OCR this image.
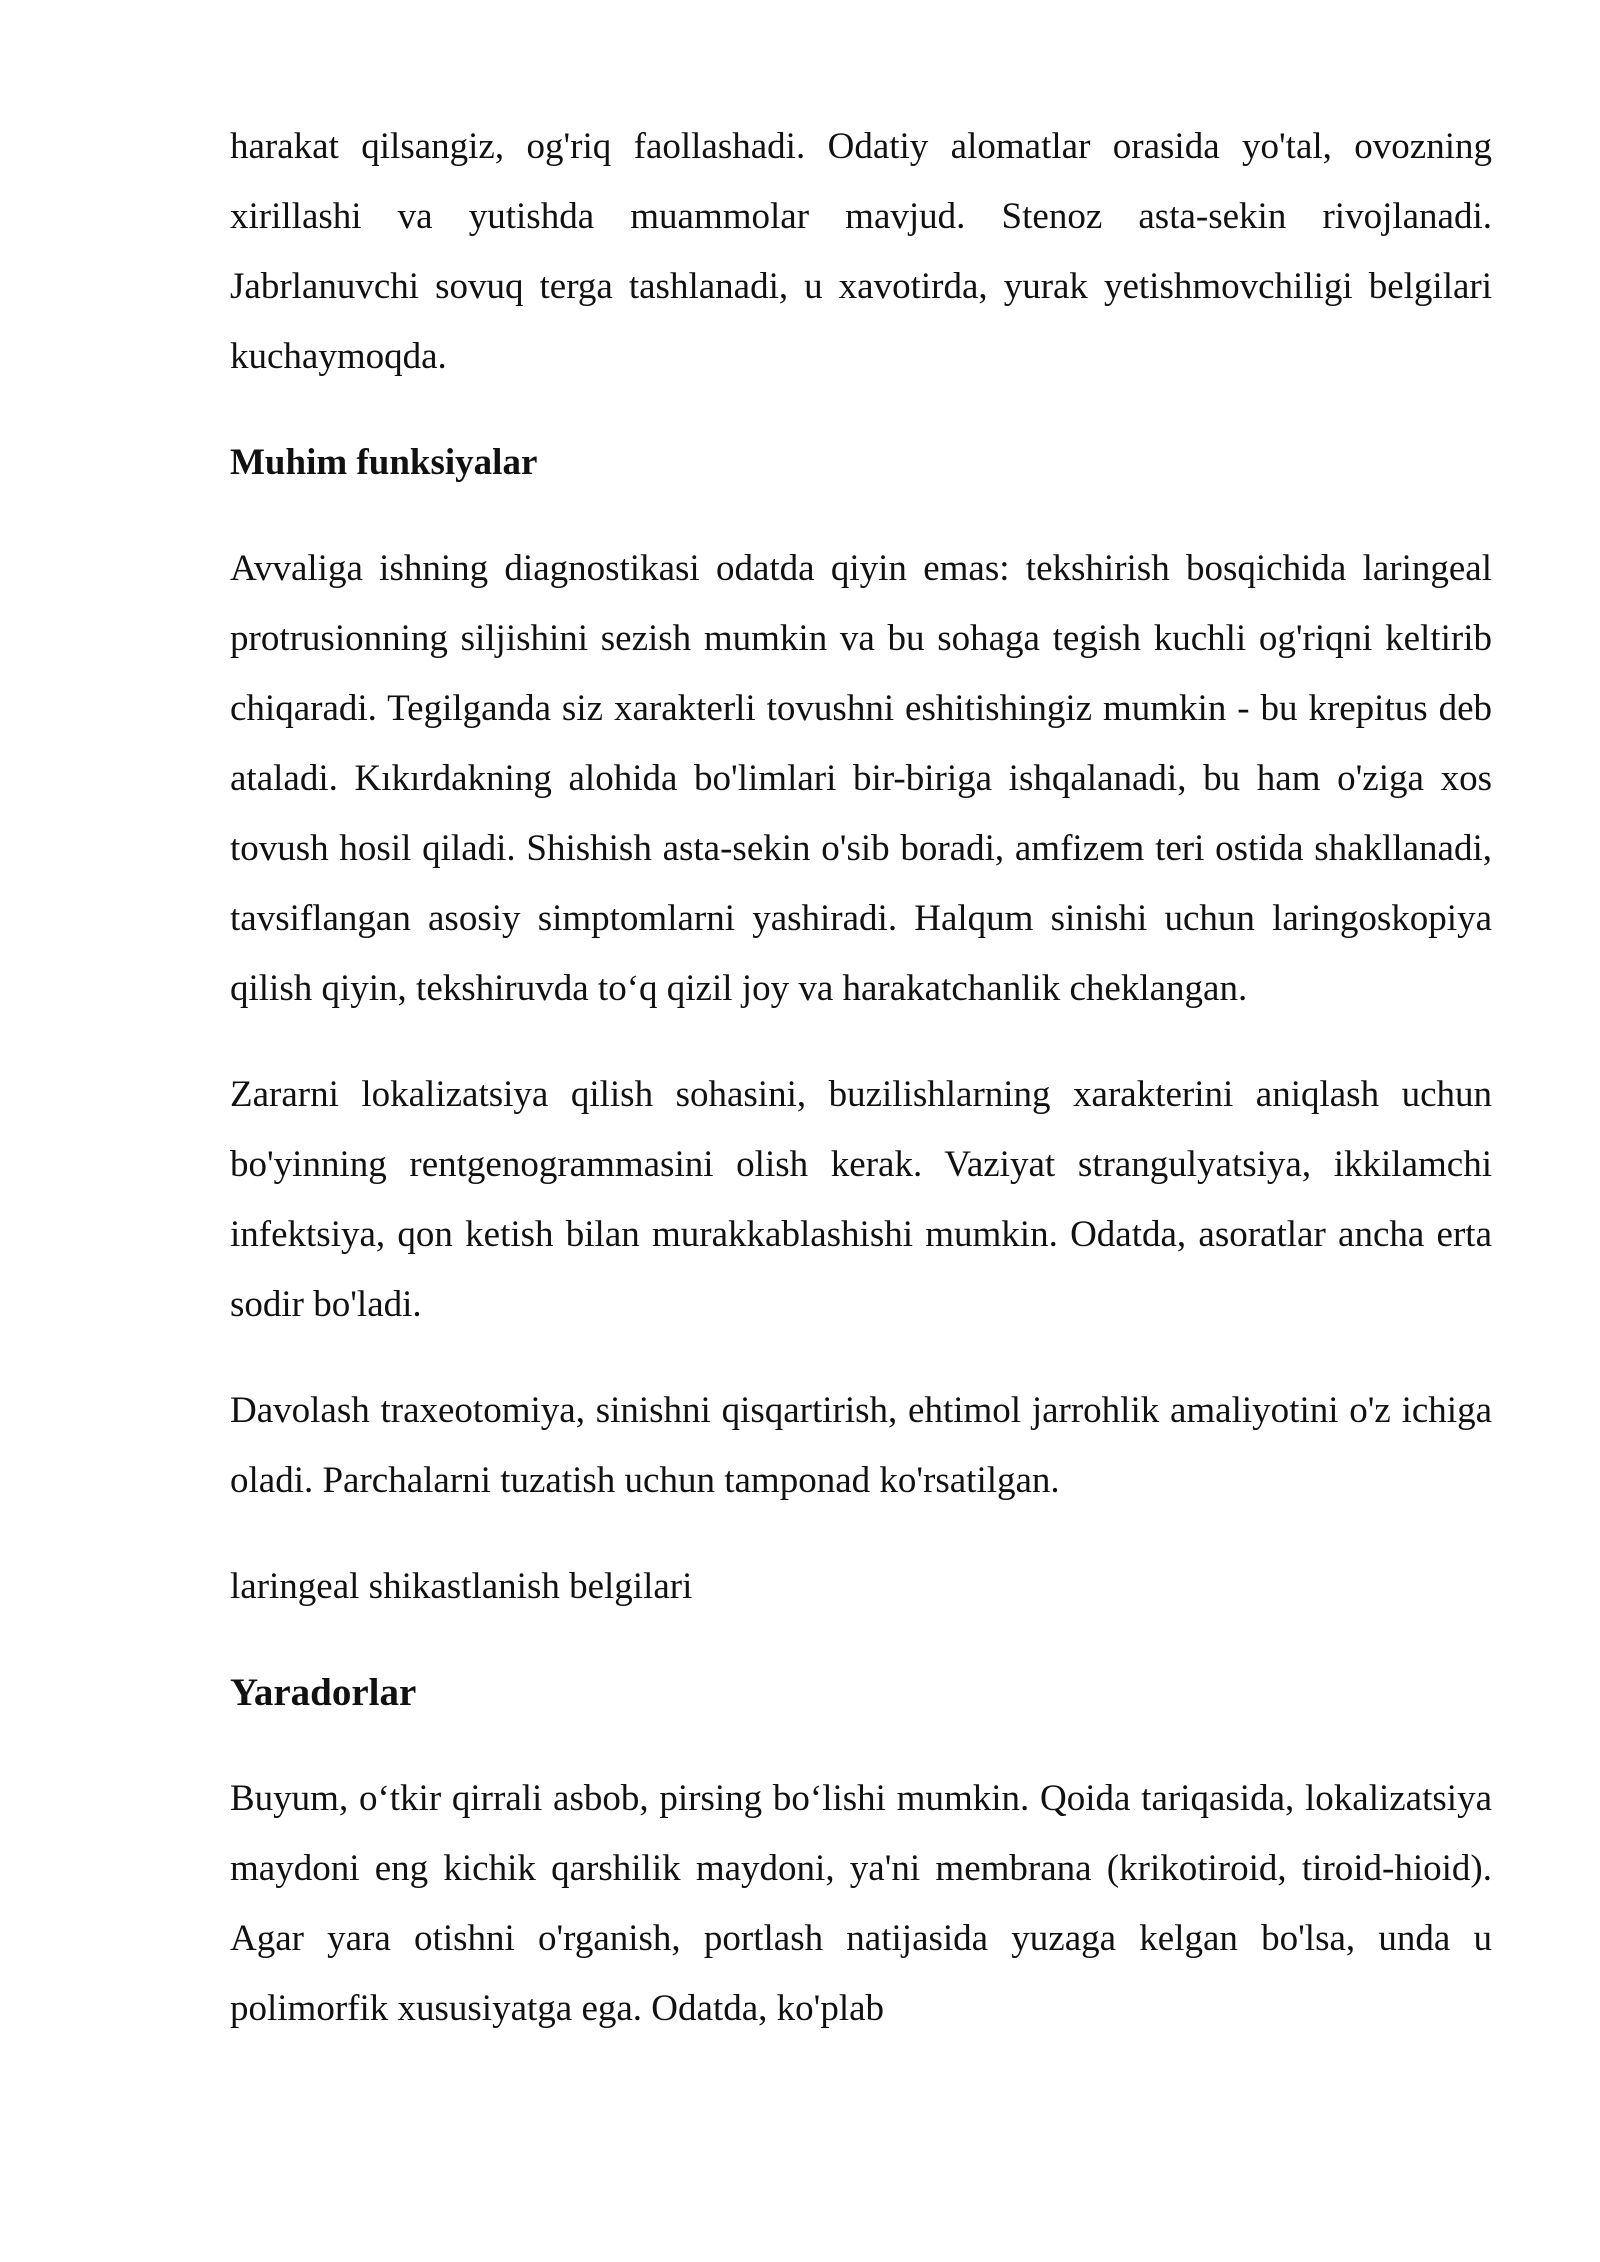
harakat qilsangiz, og'riq faollashadi. Odatiy alomatlar orasida yo'tal, ovozning xirillashi va yutishda muammolar mavjud. Stenoz asta-sekin rivojlanadi. Jabrlanuvchi sovuq terga tashlanadi, u xavotirda, yurak yetishmovchiligi belgilari kuchaymoqda.

Muhim funksiyalar

Avvaliga ishning diagnostikasi odatda qiyin emas: tekshirish bosqichida laringeal protrusionning siljishini sezish mumkin va bu sohaga tegish kuchli og'riqni keltirib chiqaradi. Tegilganda siz xarakterli tovushni eshitishingiz mumkin - bu krepitus deb ataladi. Kıkırdakning alohida bo'limlari bir-biriga ishqalanadi, bu ham o'ziga xos tovush hosil qiladi. Shishish asta-sekin o'sib boradi, amfizem teri ostida shakllanadi, tavsiflangan asosiy simptomlarni yashiradi. Halqum sinishi uchun laringoskopiya qilish qiyin, tekshiruvda to‘q qizil joy va harakatchanlik cheklangan.

Zararni lokalizatsiya qilish sohasini, buzilishlarning xarakterini aniqlash uchun bo'yinning rentgenogrammasini olish kerak. Vaziyat strangulyatsiya, ikkilamchi infektsiya, qon ketish bilan murakkablashishi mumkin. Odatda, asoratlar ancha erta sodir bo'ladi.

Davolash traxeotomiya, sinishni qisqartirish, ehtimol jarrohlik amaliyotini o'z ichiga oladi. Parchalarni tuzatish uchun tamponad ko'rsatilgan.

laringeal shikastlanish belgilari

Yaradorlar

Buyum, o‘tkir qirrali asbob, pirsing bo‘lishi mumkin. Qoida tariqasida, lokalizatsiya maydoni eng kichik qarshilik maydoni, ya'ni membrana (krikotiroid, tiroid-hioid). Agar yara otishni o'rganish, portlash natijasida yuzaga kelgan bo'lsa, unda u polimorfik xususiyatga ega. Odatda, ko'plab
